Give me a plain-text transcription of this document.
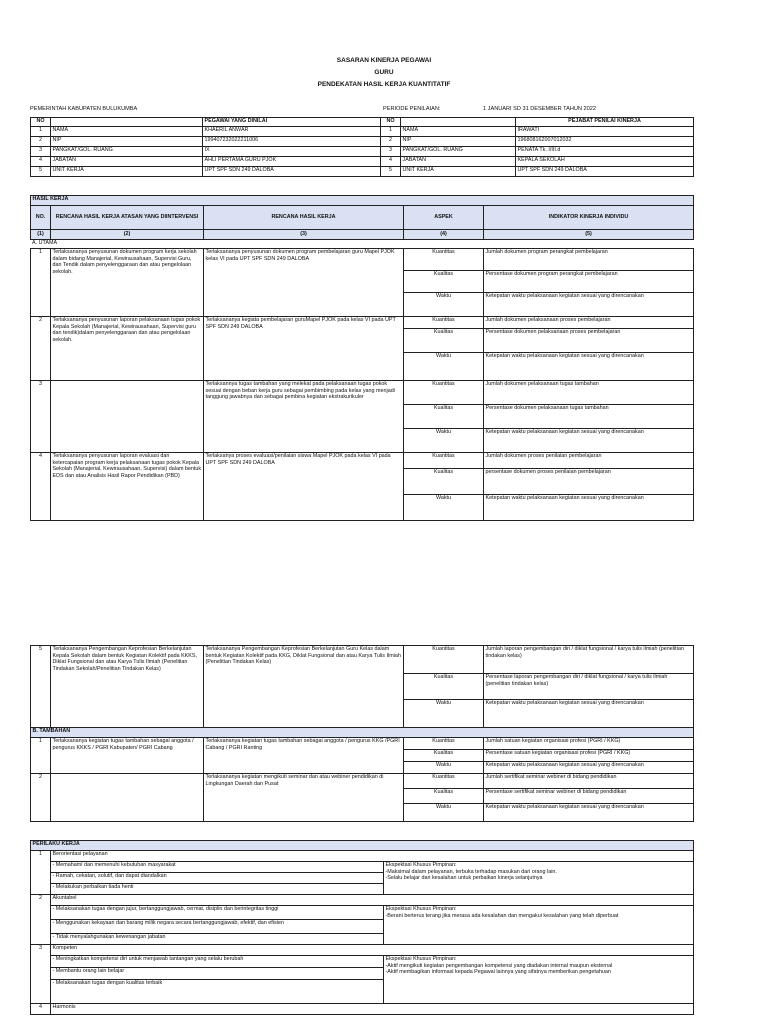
SASARAN KINERJA PEGAWAI
GURU
PENDEKATAN HASIL KERJA KUANTITATIF
PEMERINTAH KABUPATEN BULUKUMBA	PERIODE PENILAIAN:	1 JANUARI SD 31 DESEMBER TAHUN 2022
NO		PEGAWAI YANG DINILAI	NO		PEJABAT PENILAI KINERJA
1	NAMA	KHAERIL ANWAR	1	NAMA	IRAWATI
2	NIP	199407232022211006	2	NIP	196808162007012032
3	PANGKAT/GOL. RUANG	IX	3	PANGKAT/GOL. RUANG	PENATA Tk. I/III.d
4	JABATAN	AHLI PERTAMA GURU PJOK	4	JABATAN	KEPALA SEKOLAH
5	UNIT KERJA	UPT SPF SDN 249 DALOBA	5	UNIT KERJA	UPT SPF SDN 249 DALOBA
HASIL KERJA				
NO.	RENCANA HASIL KERJA ATASAN YANG DIINTERVENSI	RENCANA HASIL KERJA	ASPEK	INDIKATOR KINERJA INDIVIDU
(1)	(2)	(3)	(4)	(5)
A. UTAMA				
1	Terlaksananya penyusunan dokumen program kerja sekolah dalam bidang Manajerial, Kewirausahaan, Supervisi Guru, dan Tendik dalam penyelenggaraan dan atau pengelolaan sekolah.	Terlaksananya penyusunan dokumen program pembelajaran guru Mapel PJOK kelas VI pada UPT SPF SDN 249 DALOBA	Kuantitas	Jumlah dokumen program perangkat pembelajaran
			Kualitas	Persentase dokumen program perangkat pembelajaran
			Waktu	Ketepatan waktu pelaksanaan kegiatan sesuai yang direncanakan
2	Terlaksananya penyusunan laporan pelaksanaan tugas pokok Kepala Sekolah (Manajerial, Kewirausahaan, Supervisi guru dan tendik)dalam penyelenggaraan dan atau pengelolaan sekolah.	Terlaksananya kegiata pembelajaran guruMapel PJOK pada kelas VI pada UPT SPF SDN 249 DALOBA	Kuantitas	Jumlah dokumen pelaksanaan proses pembelajaran
			Kualitas	Persentase dokumen pelaksanaan proses pembelajaran
			Waktu	Ketepatan waktu pelaksanaan kegiatan sesuai yang direncanakan
3		Terlaksannya tugas tambahan yang melekat pada pelaksanaan tugas pokok sesuai dengan beban kerja guru sebagai pembimbing pada kelas yang menjadi tanggung jawabnya dan sebagai pembina kegiatan ekstrakurikuler	Kuantitas	Jumlah dokumen pelaksanaan tugas tambahan
			Kualitas	Persentase dokumen pelaksanaan tugas tambahan
			Waktu	Ketepatan waktu pelaksanaan kegiatan sesuai yang direncanakan
4	Terlaksananya penyusunan laporan evaluasi dan ketercapaian program kerja pelaksanaan tugas pokok Kepala Sekolah (Manajerial, Kewirausahaan, Supervisi) dalam bentuk EDS dan atau Analisis Hasil Rapor Pendidikan (PBD)	Terlaksanya proses evaluasi/penilaian siswa Mapel PJOK pada kelas VI pada UPT SPF SDN 249 DALOBA	Kuantitas	Jumlah dokumen proses penilaian pembelajaran
			Kualitas	persentase dokumen proses penilaian pembelajaran
			Waktu	Ketepatan waktu pelaksanaan kegiatan sesuai yang direncanakan
5	Terlaksananya Pengembangan Keprofesian Berkelanjutan Kepala Sekolah dalam bentuk Kegiatan Kolektif pada KKKS, Diklat Fungsional dan atau Karya Tulis Ilmiah (Penelitian Tindakan Sekolah/Penelitian Tindakan Kelas)	Terlaksananya Pengembangan Keprofesian Berkelanjutan Guru Kelas dalam bentuk Kegiatan Kolektif pada KKG, Diklat Fungsional dan atau Karya Tulis Ilmiah (Penelitian Tindakan Kelas)	Kuantitas	Jumlah laporan pengembangan diri / diklat fungsional / karya tulis ilmiah (penelitian tindakan kelas)
			Kualitas	Persentase laporan pengembangan diri / diklat fungsional / karya tulis ilmiah (penelitian tindakan kelas)
			Waktu	Ketepatan waktu pelaksanaan kegiatan sesuai yang direncanakan
B. TAMBAHAN				
1	Terlaksananya kegiatan tugas tambahan sebagai anggota / pengurus KKKS / PGRI Kabupaten/ PGRI Cabang	Terlaksananya kegiatan tugas tambahan sebagai anggota / pengurus KKG /PGRI Cabang / PGRI Ranting	Kuantitas	Jumlah satuan kegiatan organisasi profesi (PGRI / KKG)
			Kualitas	Persentase satuan kegiatan organisasi profesi (PGRI / KKG)
			Waktu	Ketepatan waktu pelaksanaan kegiatan sesuai yang direncanakan
2		Terlaksananya kegiatan mengikuti seminar dan atau webiner pendidikan di Lingkungan Daerah dan Pusat	Kuantitas	Jumlah sertifikat seminar webiner di bidang pendidikan
			Kualitas	Persentase sertifikat seminar webiner di bidang pendidikan
			Waktu	Ketepatan waktu pelaksanaan kegiatan sesuai yang direncanakan
PERILAKU KERJA		
1	Berorientasi pelayanan	
	- Memahami dan memenuhi kebutuhan masyarakat	Ekspektasi Khusus Pimpinan:
-Maksimal dalam pelayanan, terbuka terhadap masukan dari orang lain.
-Selalu belajar dari kesalahan untuk perbaikan kinerja selanjutnya

	- Ramah, cekatan, solutif, dan dapat diandalkan	
	- Melakukan perbaikan tiada henti	
2	Akuntabel	
	- Melaksanakan tugas dengan jujur, bertanggungjawab, cermat, disiplin dan berintegritas tinggi	Ekspektasi Khusus Pimpinan:
-Berani berterus terang jika merasa ada kesalahan dan mengakui kesalahan yang telah diperbuat

	- Menggunakan kekayaan dan barang milik negara secara bertanggungjawab, efektif, dan efisien	
	- Tidak menyalahgunakan kewenangan jabatan	
3	Kompeten	
	- Meningkatkan kompetensi diri untuk menjawab tantangan yang selalu berubah	Ekspektasi Khusus Pimpinan:
-Aktif mengikuti kegiatan pengembangan kompetensi yang diadakan internal maupun eksternal
-Aktif membagikan informasi kepada Pegawai lainnya yang sifatnya memberikan pengetahuan

	- Membantu orang lain belajar	
	- Melaksanakan tugas dengan kualitas terbaik	
4	Harmonis	
